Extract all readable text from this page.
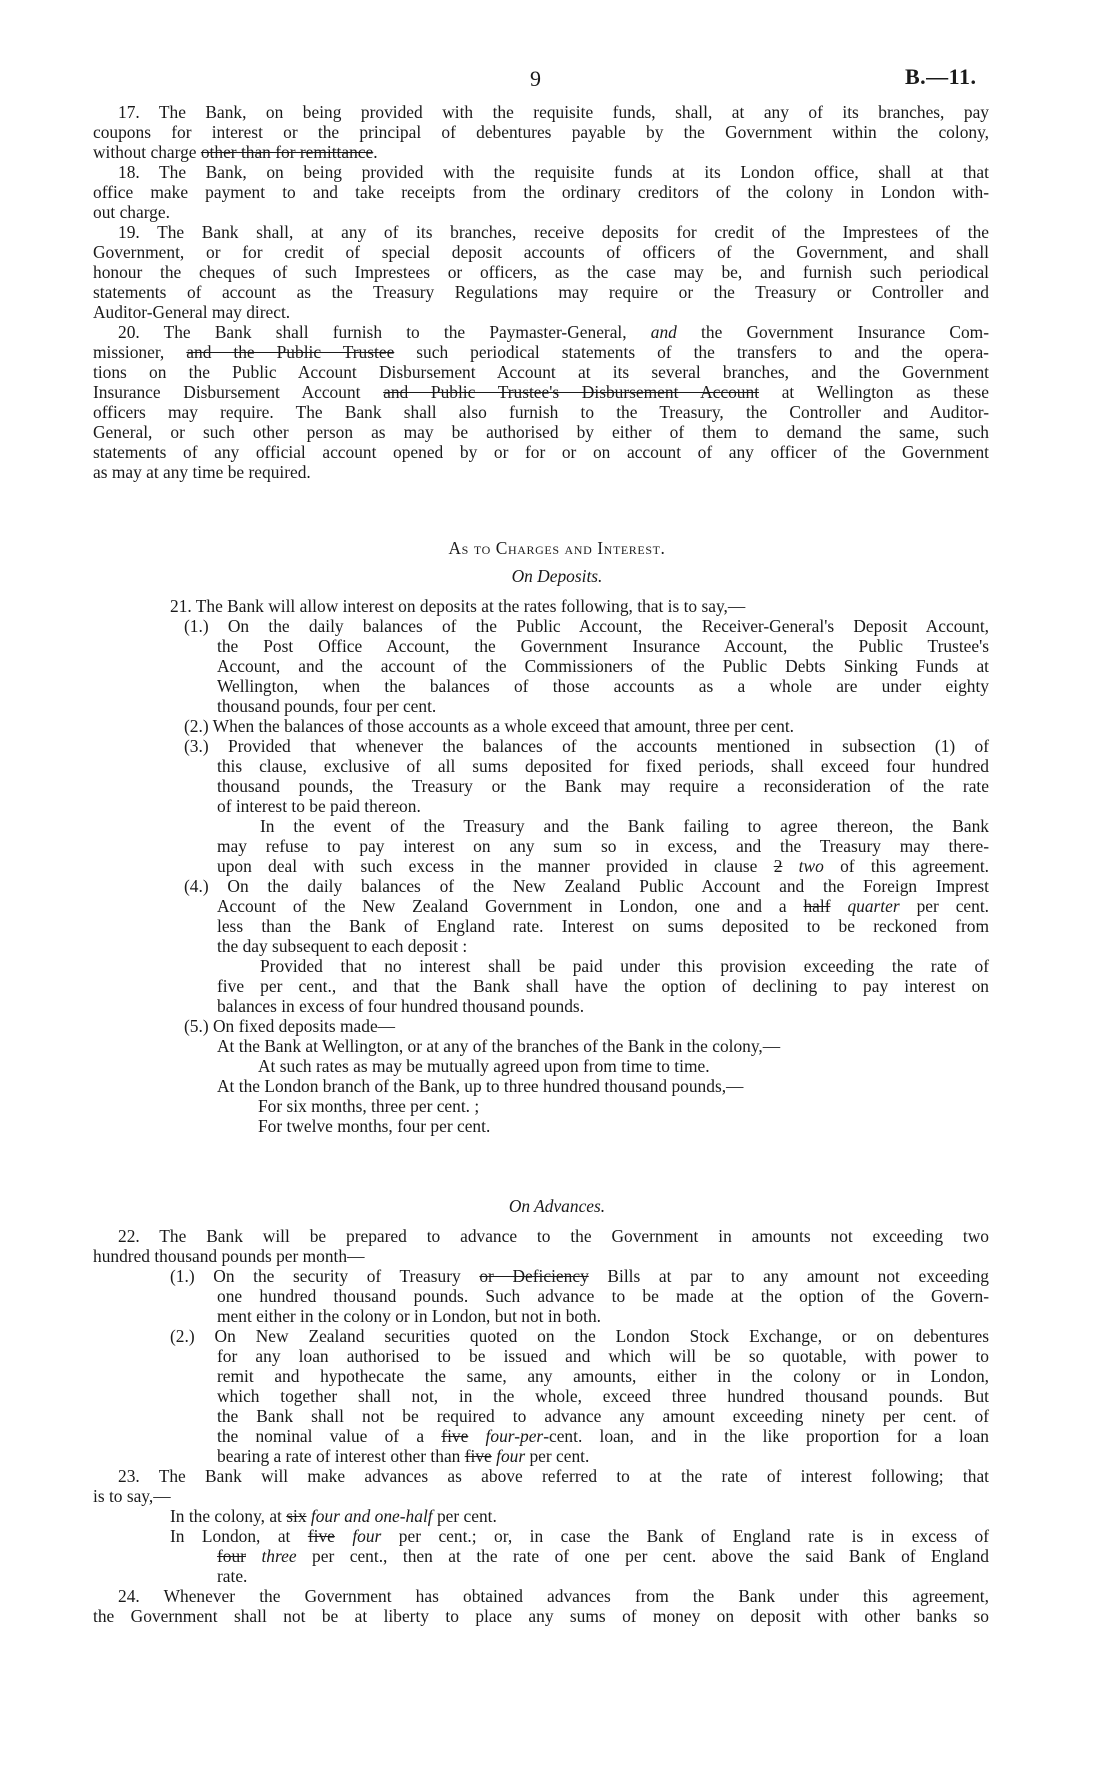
9	B.—11.
17. The Bank, on being provided with the requisite funds, shall, at any of its branches, pay
coupons for interest or the principal of debentures payable by the Government within the colony,
without charge other than for remittance.
18. The Bank, on being provided with the requisite funds at its London office, shall at that
office make payment to and take receipts from the ordinary creditors of the colony in London with-
out charge.
19. The Bank shall, at any of its branches, receive deposits for credit of the Imprestees of the
Government, or for credit of special deposit accounts of officers of the Government, and shall
honour the cheques of such Imprestees or officers, as the case may be, and furnish such periodical
statements of account as the Treasury Regulations may require or the Treasury or Controller and
Auditor-General may direct.
20. The Bank shall furnish to the Paymaster-General, and the Government Insurance Com-
missioner, and the Public Trustee such periodical statements of the transfers to and the opera-
tions on the Public Account Disbursement Account at its several branches, and the Government
Insurance Disbursement Account and Public Trustee's Disbursement Account at Wellington as these
officers may require. The Bank shall also furnish to the Treasury, the Controller and Auditor-
General, or such other person as may be authorised by either of them to demand the same, such
statements of any official account opened by or for or on account of any officer of the Government
as may at any time be required.
As to Charges and Interest.
On Deposits.
21. The Bank will allow interest on deposits at the rates following, that is to say,—
(1.) On the daily balances of the Public Account, the Receiver-General's Deposit Account,
the Post Office Account, the Government Insurance Account, the Public Trustee's
Account, and the account of the Commissioners of the Public Debts Sinking Funds at
Wellington, when the balances of those accounts as a whole are under eighty
thousand pounds, four per cent.
(2.) When the balances of those accounts as a whole exceed that amount, three per cent.
(3.) Provided that whenever the balances of the accounts mentioned in subsection (1) of
this clause, exclusive of all sums deposited for fixed periods, shall exceed four hundred
thousand pounds, the Treasury or the Bank may require a reconsideration of the rate
of interest to be paid thereon.
In the event of the Treasury and the Bank failing to agree thereon, the Bank
may refuse to pay interest on any sum so in excess, and the Treasury may there-
upon deal with such excess in the manner provided in clause 2 two of this agreement.
(4.) On the daily balances of the New Zealand Public Account and the Foreign Imprest
Account of the New Zealand Government in London, one and a half quarter per cent.
less than the Bank of England rate. Interest on sums deposited to be reckoned from
the day subsequent to each deposit :
Provided that no interest shall be paid under this provision exceeding the rate of
five per cent., and that the Bank shall have the option of declining to pay interest on
balances in excess of four hundred thousand pounds.
(5.) On fixed deposits made—
At the Bank at Wellington, or at any of the branches of the Bank in the colony,—
At such rates as may be mutually agreed upon from time to time.
At the London branch of the Bank, up to three hundred thousand pounds,—
For six months, three per cent. ;
For twelve months, four per cent.
On Advances.
22. The Bank will be prepared to advance to the Government in amounts not exceeding two
hundred thousand pounds per month—
(1.) On the security of Treasury or Deficiency Bills at par to any amount not exceeding
one hundred thousand pounds. Such advance to be made at the option of the Govern-
ment either in the colony or in London, but not in both.
(2.) On New Zealand securities quoted on the London Stock Exchange, or on debentures
for any loan authorised to be issued and which will be so quotable, with power to
remit and hypothecate the same, any amounts, either in the colony or in London,
which together shall not, in the whole, exceed three hundred thousand pounds. But
the Bank shall not be required to advance any amount exceeding ninety per cent. of
the nominal value of a five four-per-cent. loan, and in the like proportion for a loan
bearing a rate of interest other than five four per cent.
23. The Bank will make advances as above referred to at the rate of interest following; that
is to say,—
In the colony, at six four and one-half per cent.
In London, at five four per cent.; or, in case the Bank of England rate is in excess of
four three per cent., then at the rate of one per cent. above the said Bank of England
rate.
24. Whenever the Government has obtained advances from the Bank under this agreement,
the Government shall not be at liberty to place any sums of money on deposit with other banks so
